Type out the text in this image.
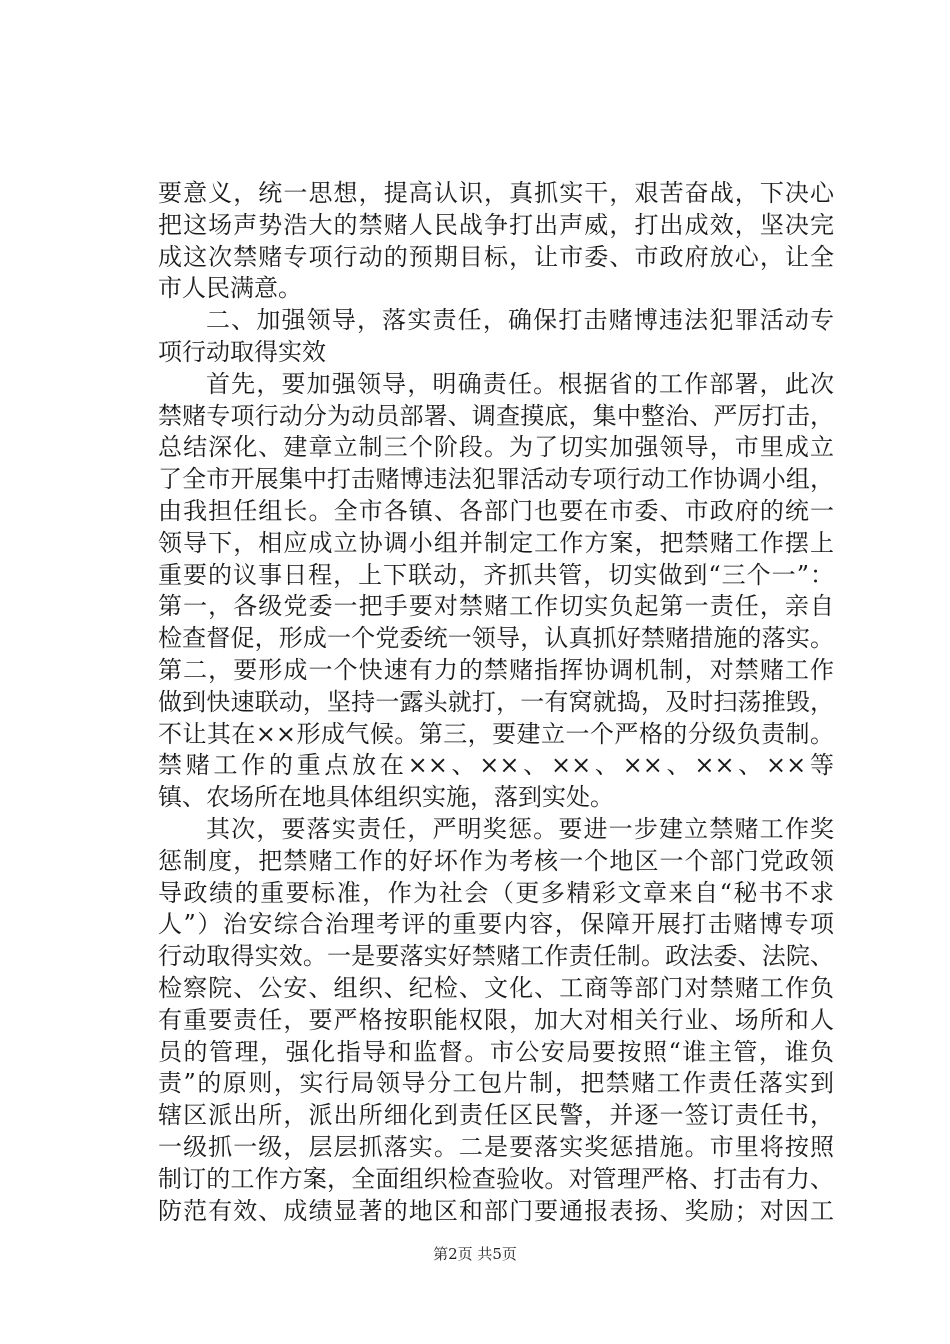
要意义，统一思想，提高认识，真抓实干，艰苦奋战，下决心
把这场声势浩大的禁赌人民战争打出声威，打出成效，坚决完
成这次禁赌专项行动的预期目标，让市委、市政府放心，让全
市人民满意。
二、加强领导，落实责任，确保打击赌博违法犯罪活动专
项行动取得实效
首先，要加强领导，明确责任。根据省的工作部署，此次
禁赌专项行动分为动员部署、调查摸底，集中整治、严厉打击，
总结深化、建章立制三个阶段。为了切实加强领导，市里成立
了全市开展集中打击赌博违法犯罪活动专项行动工作协调小组，
由我担任组长。全市各镇、各部门也要在市委、市政府的统一
领导下，相应成立协调小组并制定工作方案，把禁赌工作摆上
重要的议事日程，上下联动，齐抓共管，切实做到“三个一”：
第一，各级党委一把手要对禁赌工作切实负起第一责任，亲自
检查督促，形成一个党委统一领导，认真抓好禁赌措施的落实。
第二，要形成一个快速有力的禁赌指挥协调机制，对禁赌工作
做到快速联动，坚持一露头就打，一有窝就捣，及时扫荡推毁，
不让其在××形成气候。第三，要建立一个严格的分级负责制。
禁赌工作的重点放在××、××、××、××、××、××等
镇、农场所在地具体组织实施，落到实处。
其次，要落实责任，严明奖惩。要进一步建立禁赌工作奖
惩制度，把禁赌工作的好坏作为考核一个地区一个部门党政领
导政绩的重要标准，作为社会（更多精彩文章来自“秘书不求
人”）治安综合治理考评的重要内容，保障开展打击赌博专项
行动取得实效。一是要落实好禁赌工作责任制。政法委、法院、
检察院、公安、组织、纪检、文化、工商等部门对禁赌工作负
有重要责任，要严格按职能权限，加大对相关行业、场所和人
员的管理，强化指导和监督。市公安局要按照“谁主管，谁负
责”的原则，实行局领导分工包片制，把禁赌工作责任落实到
辖区派出所，派出所细化到责任区民警，并逐一签订责任书，
一级抓一级，层层抓落实。二是要落实奖惩措施。市里将按照
制订的工作方案，全面组织检查验收。对管理严格、打击有力、
防范有效、成绩显著的地区和部门要通报表扬、奖励；对因工
第2页 共5页
